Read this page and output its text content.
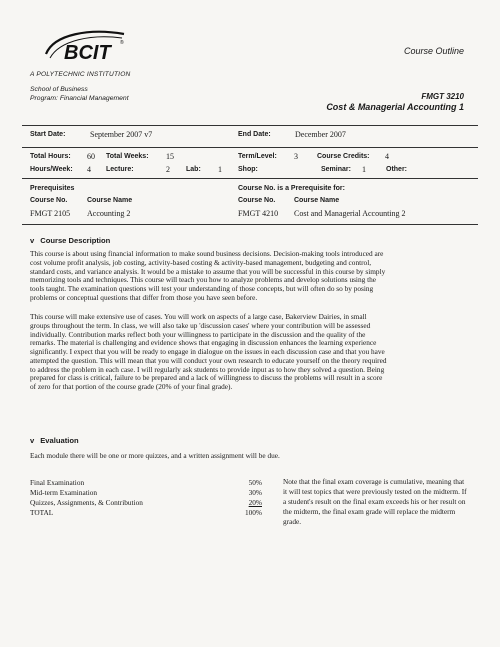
BCIT	®
A POLYTECHNIC INSTITUTION
Course Outline
School of Business
Program: Financial Management	FMGT 3210
Cost & Managerial Accounting 1
Start Date:	September 2007 v7	End Date:	December 2007
Total Hours: 60 Total Weeks: 15	Term/Level: 3	Course Credits: 4
Hours/Week: 4 Lecture:	2 Lab: 1 Shop:	Seminar: 1	Other:
Prerequisites
Course No.	Course Name
FMGT 2105 Accounting 2
Course No. is a Prerequisite for:
Course No.	Course Name
FMGT 4210 Cost and Managerial Accounting 2
v Course Description
This course is about using financial information to make sound business decisions. Decision-making tools introduced are
cost volume profit analysis, job costing, activity-based costing & activity-based management, budgeting and control,
standard costs, and variance analysis. It would be a mistake to assume that you will be successful in this course by simply
memorizing tools and techniques. This course will teach you how to analyze problems and develop solutions using the
tools taught. The examination questions will test your understanding of those concepts, but will often do so by posing
problems or conceptual questions that differ from those you have seen before.
This course will make extensive use of cases. You will work on aspects of a large case, Bakerview Dairies, in small
groups throughout the term. In class, we will also take up 'discussion cases' where your contribution will be assessed
individually. Contribution marks reflect both your willingness to participate in the discussion and the quality of the
remarks. The material is challenging and evidence shows that engaging in discussion enhances the learning experience
significantly. I expect that you will be ready to engage in dialogue on the issues in each discussion case and that you have
attempted the question. This will mean that you will conduct your own research to educate yourself on the theory required
to address the problem in each case. I will regularly ask students to provide input as to how they solved a question. Being
prepared for class is critical, failure to be prepared and a lack of willingness to discuss the problems will result in a score
of zero for that portion of the course grade (20% of your final grade).
v Evaluation
Each module there will be one or more quizzes, and a written assignment will be due.
Final Examination	50%
Mid-term Examination	30%
Quizzes, Assignments, & Contribution	20%
TOTAL	100%
Note that the final exam coverage is cumulative, meaning that
it will test topics that were previously tested on the midterm. If
a student's result on the final exam exceeds his or her result on
the midterm, the final exam grade will replace the midterm
grade.
